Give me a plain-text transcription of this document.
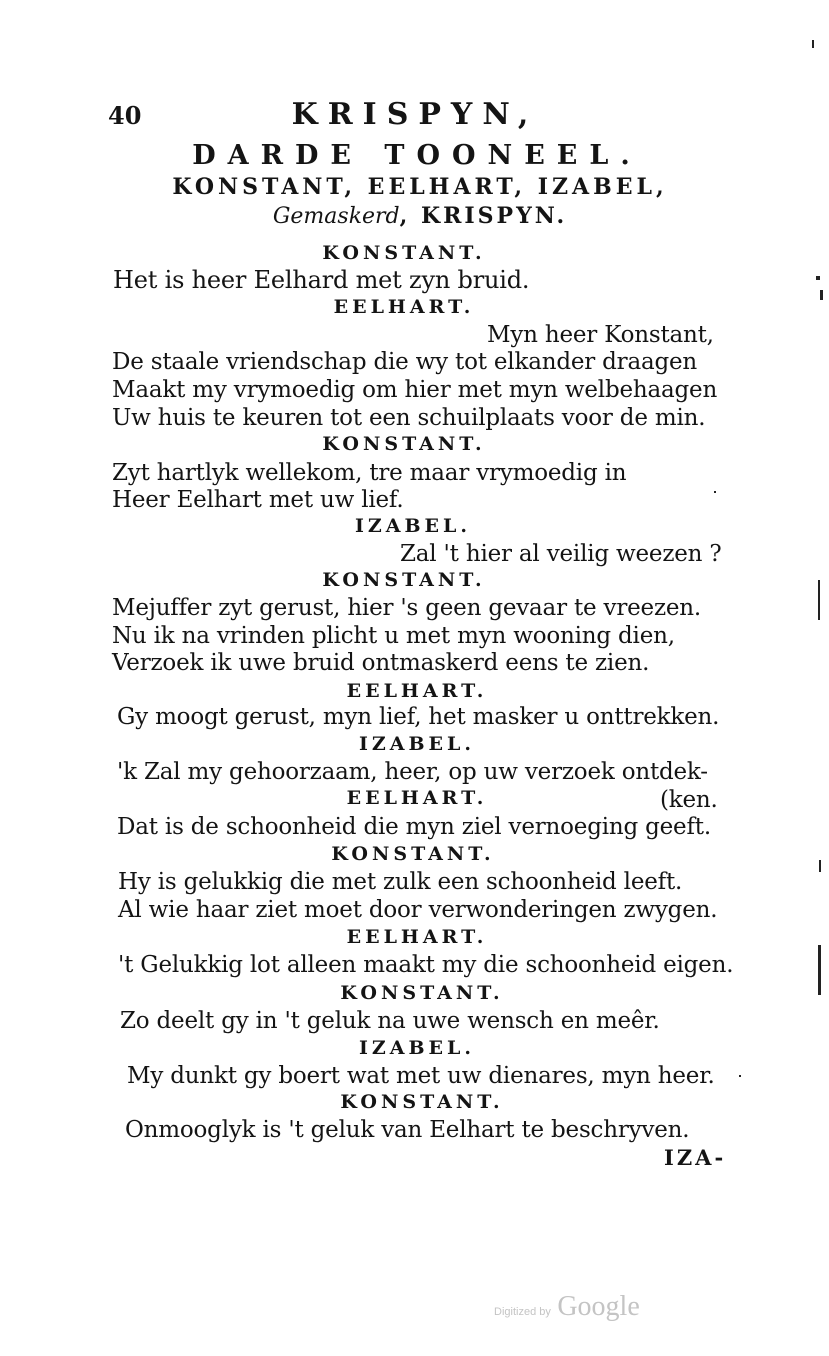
40	KRISPYN,
DARDE TOONEEL.
KONSTANT, EELHART, IZABEL,
Gemaskerd, KRISPYN.
KONSTANT.
Het is heer Eelhard met zyn bruid.
EELHART.
Myn heer Konstant,
De staale vriendschap die wy tot elkander draagen
Maakt my vrymoedig om hier met myn welbehaagen
Uw huis te keuren tot een schuilplaats voor de min.
KONSTANT.
Zyt hartlyk wellekom, tre maar vrymoedig in
Heer Eelhart met uw lief.
IZABEL.
Zal 't hier al veilig weezen ?
KONSTANT.
Mejuffer zyt gerust, hier 's geen gevaar te vreezen.
Nu ik na vrinden plicht u met myn wooning dien,
Verzoek ik uwe bruid ontmaskerd eens te zien.
EELHART.
Gy moogt gerust, myn lief, het masker u onttrekken.
IZABEL.
'k Zal my gehoorzaam, heer, op uw verzoek ontdek-
EELHART.	(ken.
Dat is de schoonheid die myn ziel vernoeging geeft.
KONSTANT.
Hy is gelukkig die met zulk een schoonheid leeft.
Al wie haar ziet moet door verwonderingen zwygen.
EELHART.
't Gelukkig lot alleen maakt my die schoonheid eigen.
KONSTANT.
Zo deelt gy in 't geluk na uwe wensch en meêr.
IZABEL.
My dunkt gy boert wat met uw dienares, myn heer.
KONSTANT.
Onmooglyk is 't geluk van Eelhart te beschryven.
IZA-
Digitized by Google
